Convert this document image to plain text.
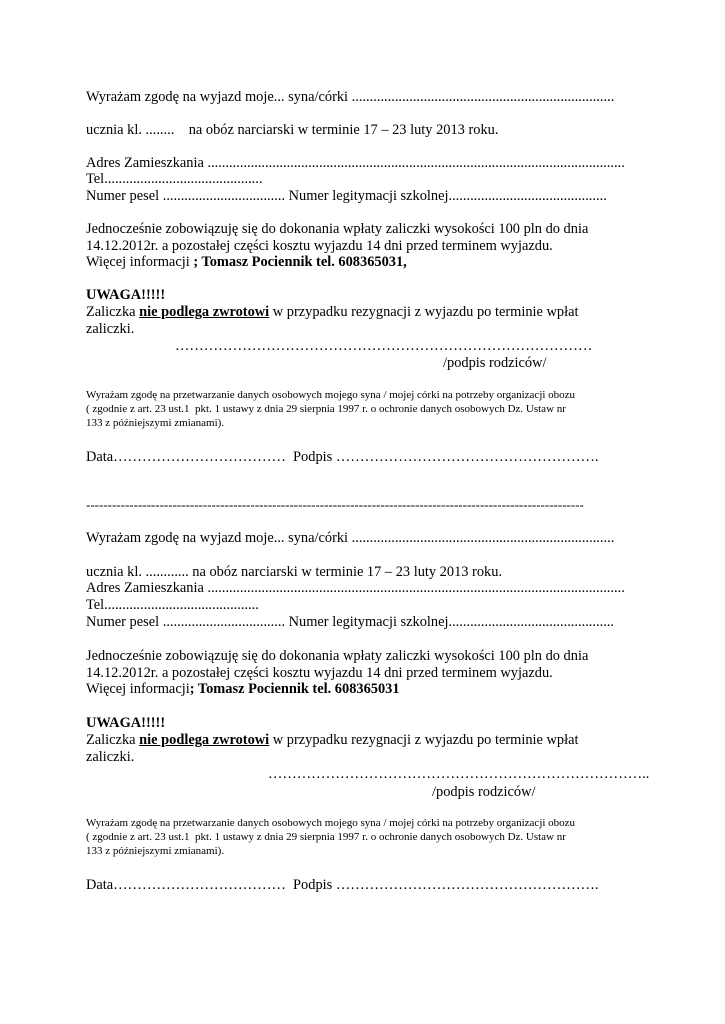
Wyrażam zgodę na wyjazd moje... syna/córki .........................................................................
ucznia kl. ........    na obóz narciarski w terminie 17 – 23 luty 2013 roku.
Adres Zamieszkania ....................................................................................................................
Tel............................................
Numer pesel .................................. Numer legitymacji szkolnej............................................
Jednocześnie zobowiązuję się do dokonania wpłaty zaliczki wysokości 100 pln do dnia
14.12.2012r. a pozostałej części kosztu wyjazdu 14 dni przed terminem wyjazdu.
Więcej informacji ; Tomasz Pociennik tel. 608365031,
UWAGA!!!!!
Zaliczka nie podlega zwrotowi w przypadku rezygnacji z wyjazdu po terminie wpłat
zaliczki.
……………………………………………………………………………
/podpis rodziców/
Wyrażam zgodę na przetwarzanie danych osobowych mojego syna / mojej córki na potrzeby organizacji obozu
( zgodnie z art. 23 ust.1  pkt. 1 ustawy z dnia 29 sierpnia 1997 r. o ochronie danych osobowych Dz. Ustaw nr
133 z późniejszymi zmianami).
Data………………………………  Podpis ……………………………………………….
-------------------------------------------------------------------------------------------------------------------
Wyrażam zgodę na wyjazd moje... syna/córki .........................................................................
ucznia kl. ............ na obóz narciarski w terminie 17 – 23 luty 2013 roku.
Adres Zamieszkania ....................................................................................................................
Tel...........................................
Numer pesel .................................. Numer legitymacji szkolnej..............................................
Jednocześnie zobowiązuję się do dokonania wpłaty zaliczki wysokości 100 pln do dnia
14.12.2012r. a pozostałej części kosztu wyjazdu 14 dni przed terminem wyjazdu.
Więcej informacji; Tomasz Pociennik tel. 608365031
UWAGA!!!!!
Zaliczka nie podlega zwrotowi w przypadku rezygnacji z wyjazdu po terminie wpłat
zaliczki.
……………………………………………………………………..
/podpis rodziców/
Wyrażam zgodę na przetwarzanie danych osobowych mojego syna / mojej córki na potrzeby organizacji obozu
( zgodnie z art. 23 ust.1  pkt. 1 ustawy z dnia 29 sierpnia 1997 r. o ochronie danych osobowych Dz. Ustaw nr
133 z późniejszymi zmianami).
Data………………………………  Podpis ……………………………………………….
